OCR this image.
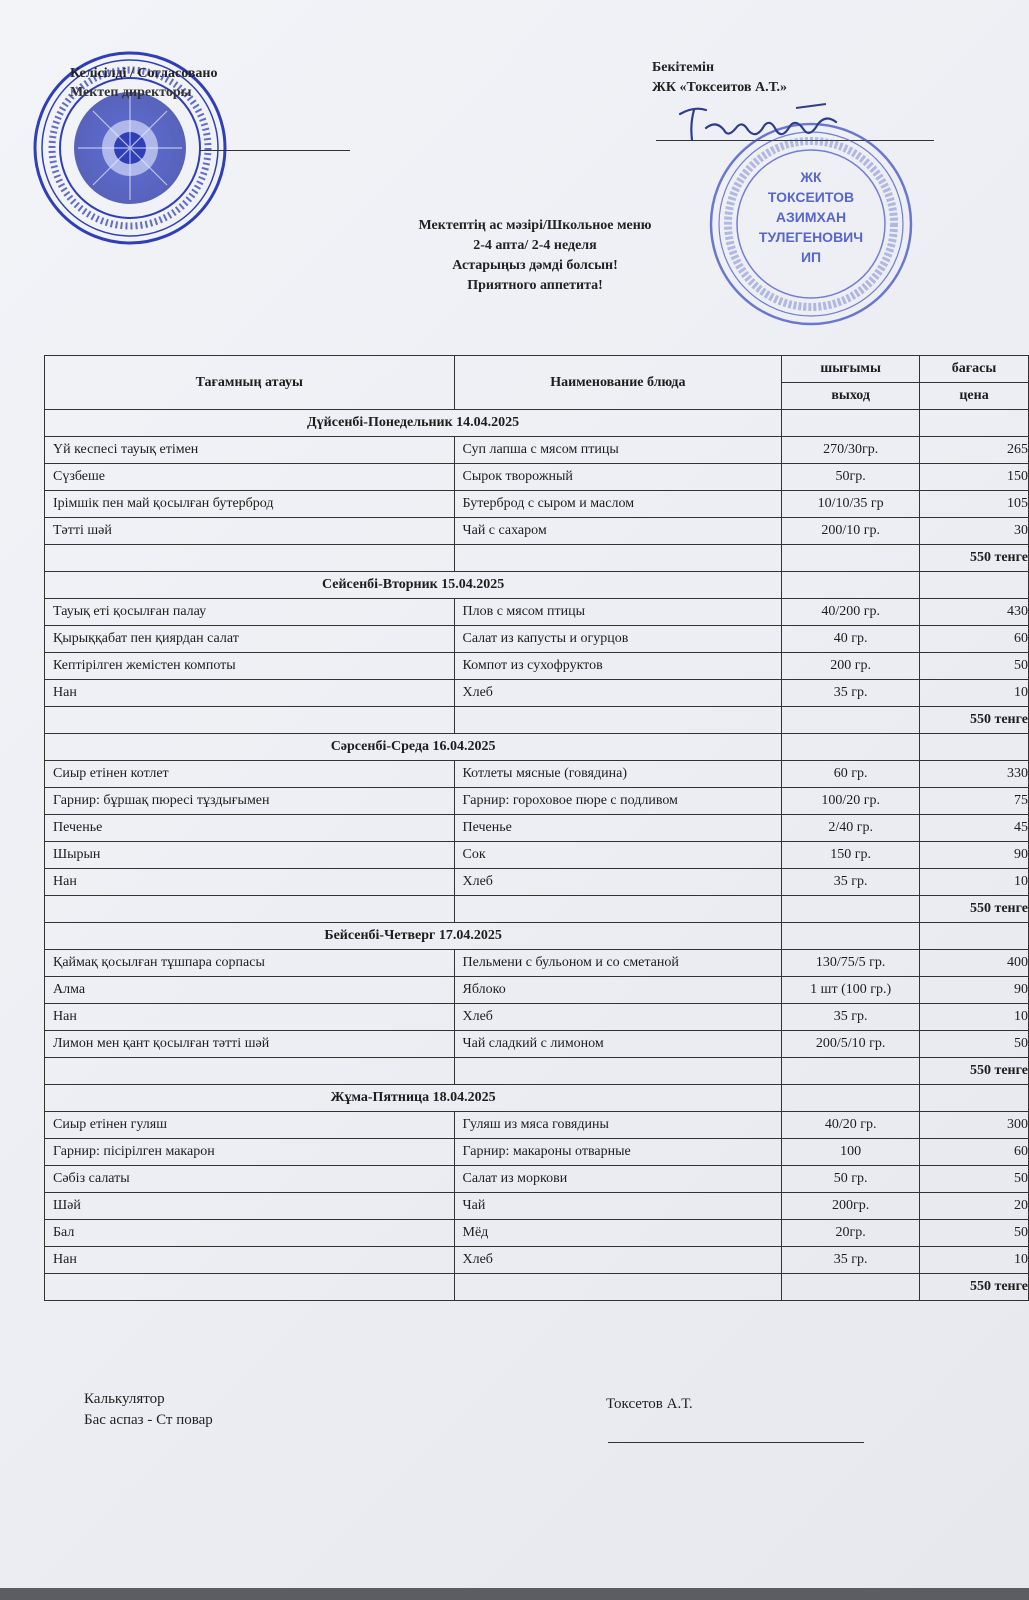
Келісілді / Согласовано
Мектеп директоры
Бекітемін
ЖК «Токсеитов А.Т.»
ЖК
ТОКСЕИТОВ
АЗИМХАН
ТУЛЕГЕНОВИЧ
ИП
Мектептің ас мәзірі/Школьное меню
2-4 апта/ 2-4 неделя
Астарыңыз дәмді болсын!
Приятного аппетита!
Тағамның атауы	Наименование блюда	шығымы	бағасы
		выход	цена
Дүйсенбі-Понедельник 14.04.2025			
Үй кеспесі тауық етімен	Суп лапша с мясом птицы	270/30гр.	265
Сүзбеше	Сырок творожный	50гр.	150
Ірімшік пен май қосылған бутерброд	Бутерброд с сыром и маслом	10/10/35 гр	105
Тәтті шәй	Чай с сахаром	200/10 гр.	30
			550 тенге
Сейсенбі-Вторник 15.04.2025			
Тауық еті қосылған палау	Плов с мясом птицы	40/200 гр.	430
Қырыққабат пен қиярдан салат	Салат из капусты и огурцов	40 гр.	60
Кептірілген жемістен компоты	Компот из сухофруктов	200 гр.	50
Нан	Хлеб	35 гр.	10
			550 тенге
Сәрсенбі-Среда 16.04.2025			
Сиыр етінен котлет	Котлеты мясные (говядина)	60 гр.	330
Гарнир: бұршақ пюресі тұздығымен	Гарнир: гороховое пюре с подливом	100/20 гр.	75
Печенье	Печенье	2/40 гр.	45
Шырын	Сок	150 гр.	90
Нан	Хлеб	35 гр.	10
			550 тенге
Бейсенбі-Четверг 17.04.2025			
Қаймақ қосылған тұшпара сорпасы	Пельмени с бульоном и со сметаной	130/75/5 гр.	400
Алма	Яблоко	1 шт (100 гр.)	90
Нан	Хлеб	35 гр.	10
Лимон мен қант қосылған тәтті шәй	Чай сладкий с лимоном	200/5/10 гр.	50
			550 тенге
Жұма-Пятница 18.04.2025			
Сиыр етінен гуляш	Гуляш из мяса говядины	40/20 гр.	300
Гарнир: пісірілген макарон	Гарнир: макароны отварные	100	60
Сәбіз салаты	Салат из моркови	50 гр.	50
Шәй	Чай	200гр.	20
Бал	Мёд	20гр.	50
Нан	Хлеб	35 гр.	10
			550 тенге
Калькулятор
Бас аспаз - Ст повар
Токсетов А.Т.
